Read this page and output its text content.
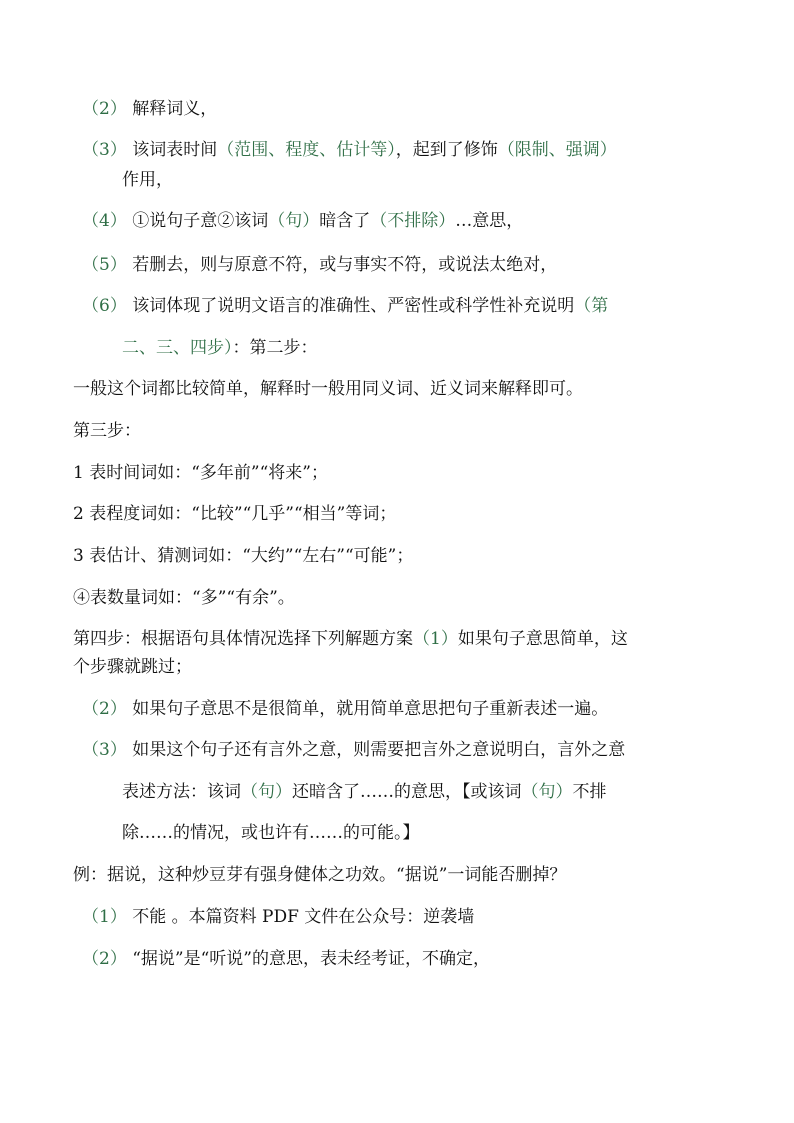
（2） 解释词义，
（3） 该词表时间（范围、程度、估计等），起到了修饰（限制、强调）
作用，
（4） ①说句子意②该词（句）暗含了（不排除）…意思，
（5） 若删去，则与原意不符，或与事实不符，或说法太绝对，
（6） 该词体现了说明文语言的准确性、严密性或科学性补充说明（第
二、三、四步）：第二步：
一般这个词都比较简单，解释时一般用同义词、近义词来解释即可。
第三步：
1 表时间词如：“多年前”“将来”；
2 表程度词如：“比较”“几乎”“相当”等词；
3 表估计、猜测词如：“大约”“左右”“可能”；
④表数量词如：“多”“有余”。
第四步：根据语句具体情况选择下列解题方案（1）如果句子意思简单，这
个步骤就跳过；
（2） 如果句子意思不是很简单，就用简单意思把句子重新表述一遍。
（3） 如果这个句子还有言外之意，则需要把言外之意说明白，言外之意
表述方法：该词（句）还暗含了……的意思，【或该词（句）不排
除……的情况，或也许有……的可能。】
例：据说，这种炒豆芽有强身健体之功效。“据说”一词能否删掉？
（1） 不能 。本篇资料 PDF 文件在公众号：逆袭墙
（2） “据说”是“听说”的意思，表未经考证，不确定，
